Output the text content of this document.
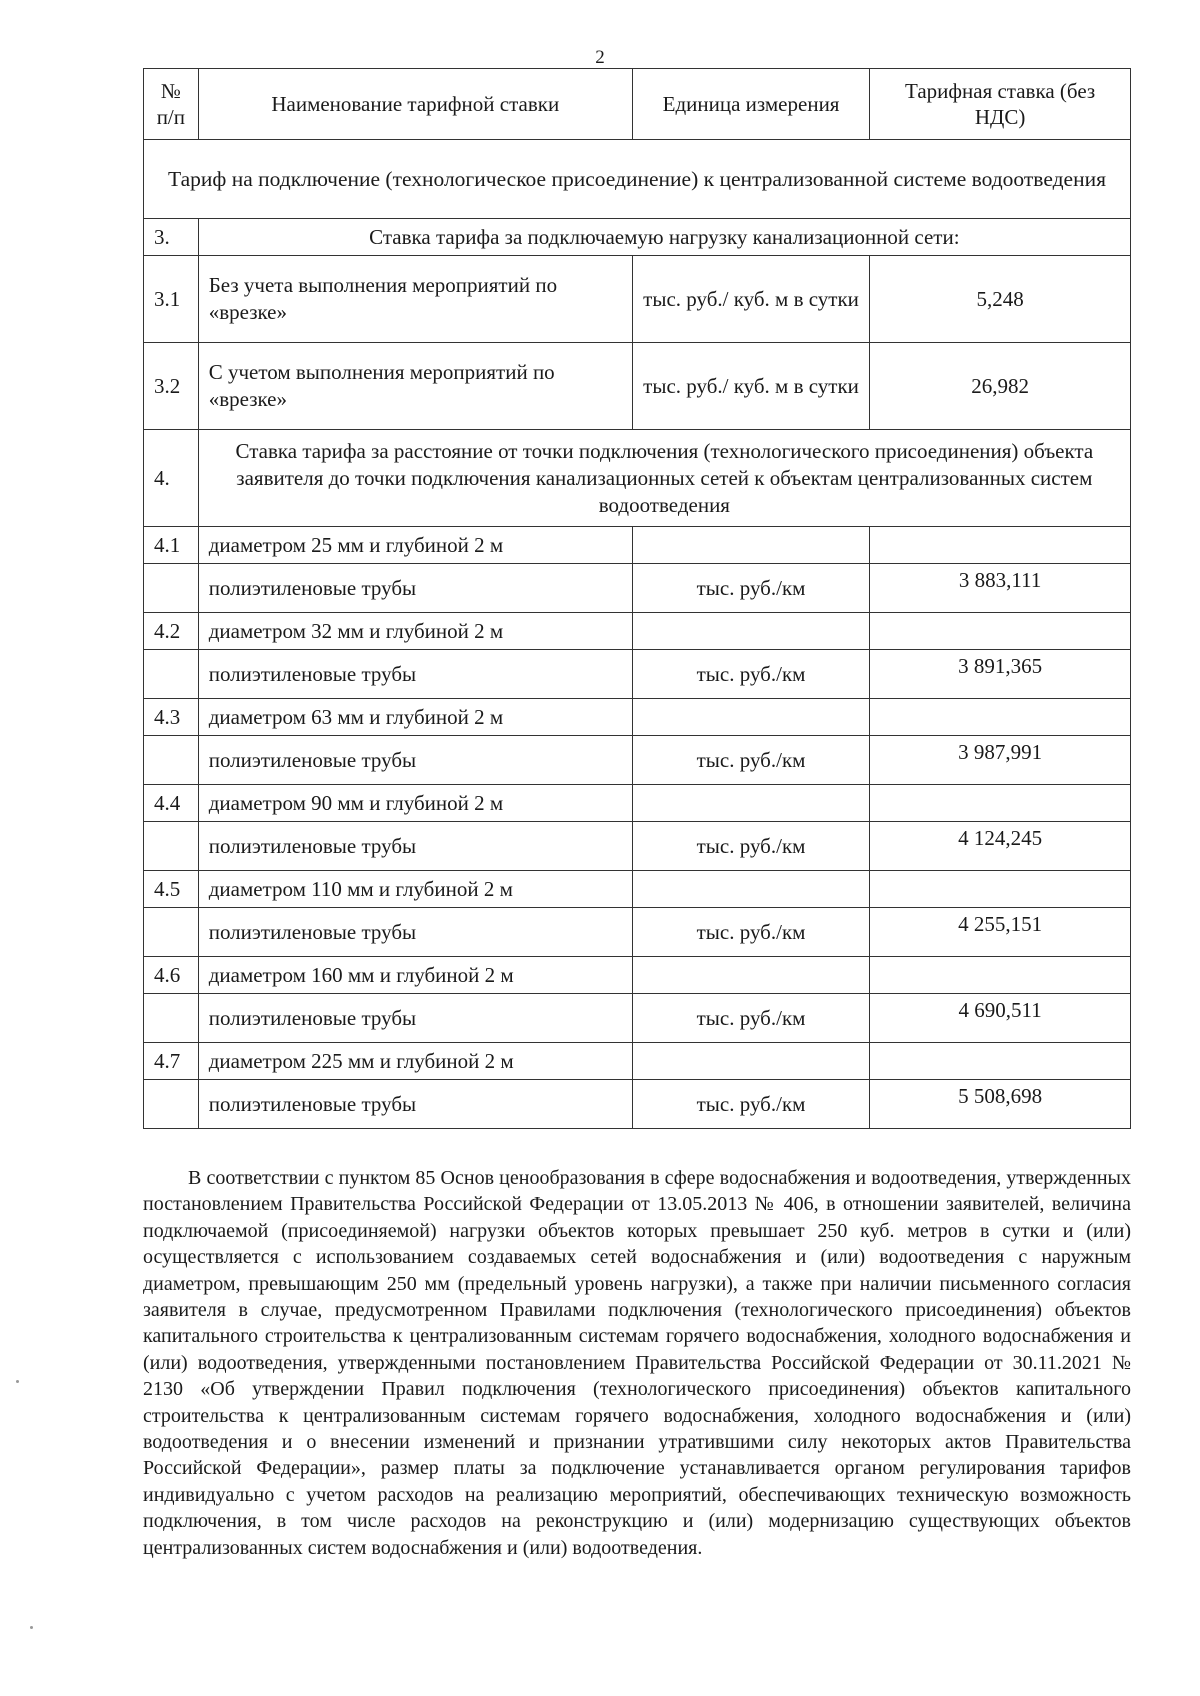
2
№ п/п	Наименование тарифной ставки	Единица измерения	Тарифная ставка (без НДС)
Тариф на подключение (технологическое присоединение) к централизованной системе водоотведения			
3.	Ставка тарифа за подключаемую нагрузку канализационной сети:		
3.1	Без учета выполнения мероприятий по «врезке»	тыс. руб./ куб. м в сутки	5,248
3.2	С учетом выполнения мероприятий по «врезке»	тыс. руб./ куб. м в сутки	26,982
4.	Ставка тарифа за расстояние от точки подключения (технологического присоединения) объекта заявителя до точки подключения канализационных сетей к объектам централизованных систем водоотведения		
4.1	диаметром 25 мм и глубиной 2 м		
	полиэтиленовые трубы	тыс. руб./км	3 883,111
4.2	диаметром 32 мм и глубиной 2 м		
	полиэтиленовые трубы	тыс. руб./км	3 891,365
4.3	диаметром 63 мм и глубиной 2 м		
	полиэтиленовые трубы	тыс. руб./км	3 987,991
4.4	диаметром 90 мм и глубиной 2 м		
	полиэтиленовые трубы	тыс. руб./км	4 124,245
4.5	диаметром 110 мм и глубиной 2 м		
	полиэтиленовые трубы	тыс. руб./км	4 255,151
4.6	диаметром 160 мм и глубиной 2 м		
	полиэтиленовые трубы	тыс. руб./км	4 690,511
4.7	диаметром 225 мм и глубиной 2 м		
	полиэтиленовые трубы	тыс. руб./км	5 508,698

В соответствии с пунктом 85 Основ ценообразования в сфере водоснабжения и водоотведения, утвержденных постановлением Правительства Российской Федерации от 13.05.2013 № 406, в отношении заявителей, величина подключаемой (присоединяемой) нагрузки объектов которых превышает 250 куб. метров в сутки и (или) осуществляется с использованием создаваемых сетей водоснабжения и (или) водоотведения с наружным диаметром, превышающим 250 мм (предельный уровень нагрузки), а также при наличии письменного согласия заявителя в случае, предусмотренном Правилами подключения (технологического присоединения) объектов капитального строительства к централизованным системам горячего водоснабжения, холодного водоснабжения и (или) водоотведения, утвержденными постановлением Правительства Российской Федерации от 30.11.2021 № 2130 «Об утверждении Правил подключения (технологического присоединения) объектов капитального строительства к централизованным системам горячего водоснабжения, холодного водоснабжения и (или) водоотведения и о внесении изменений и признании утратившими силу некоторых актов Правительства Российской Федерации», размер платы за подключение устанавливается органом регулирования тарифов индивидуально с учетом расходов на реализацию мероприятий, обеспечивающих техническую возможность подключения, в том числе расходов на реконструкцию и (или) модернизацию существующих объектов централизованных систем водоснабжения и (или) водоотведения.
